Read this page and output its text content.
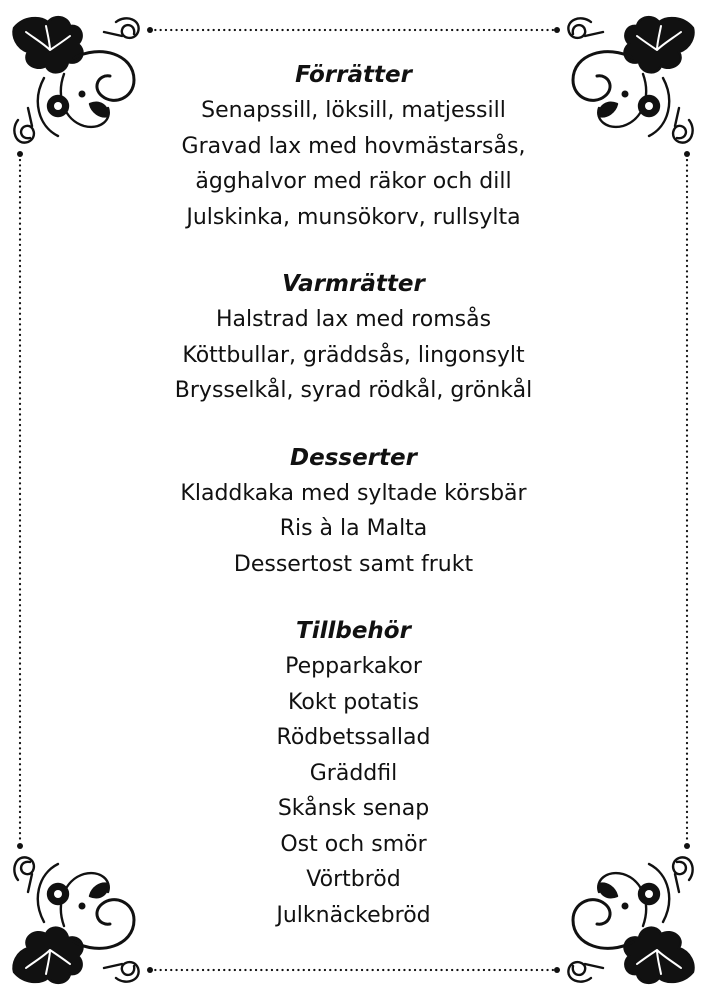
Förrätter

Senapssill, löksill, matjessill

Gravad lax med hovmästarsås,

ägghalvor med räkor och dill

Julskinka, munsökorv, rullsylta

Varmrätter

Halstrad lax med romsås

Köttbullar, gräddsås, lingonsylt

Brysselkål, syrad rödkål, grönkål

Desserter

Kladdkaka med syltade körsbär

Ris à la Malta

Dessertost samt frukt

Tillbehör

Pepparkakor

Kokt potatis

Rödbetssallad

Gräddfil

Skånsk senap

Ost och smör

Vörtbröd

Julknäckebröd
